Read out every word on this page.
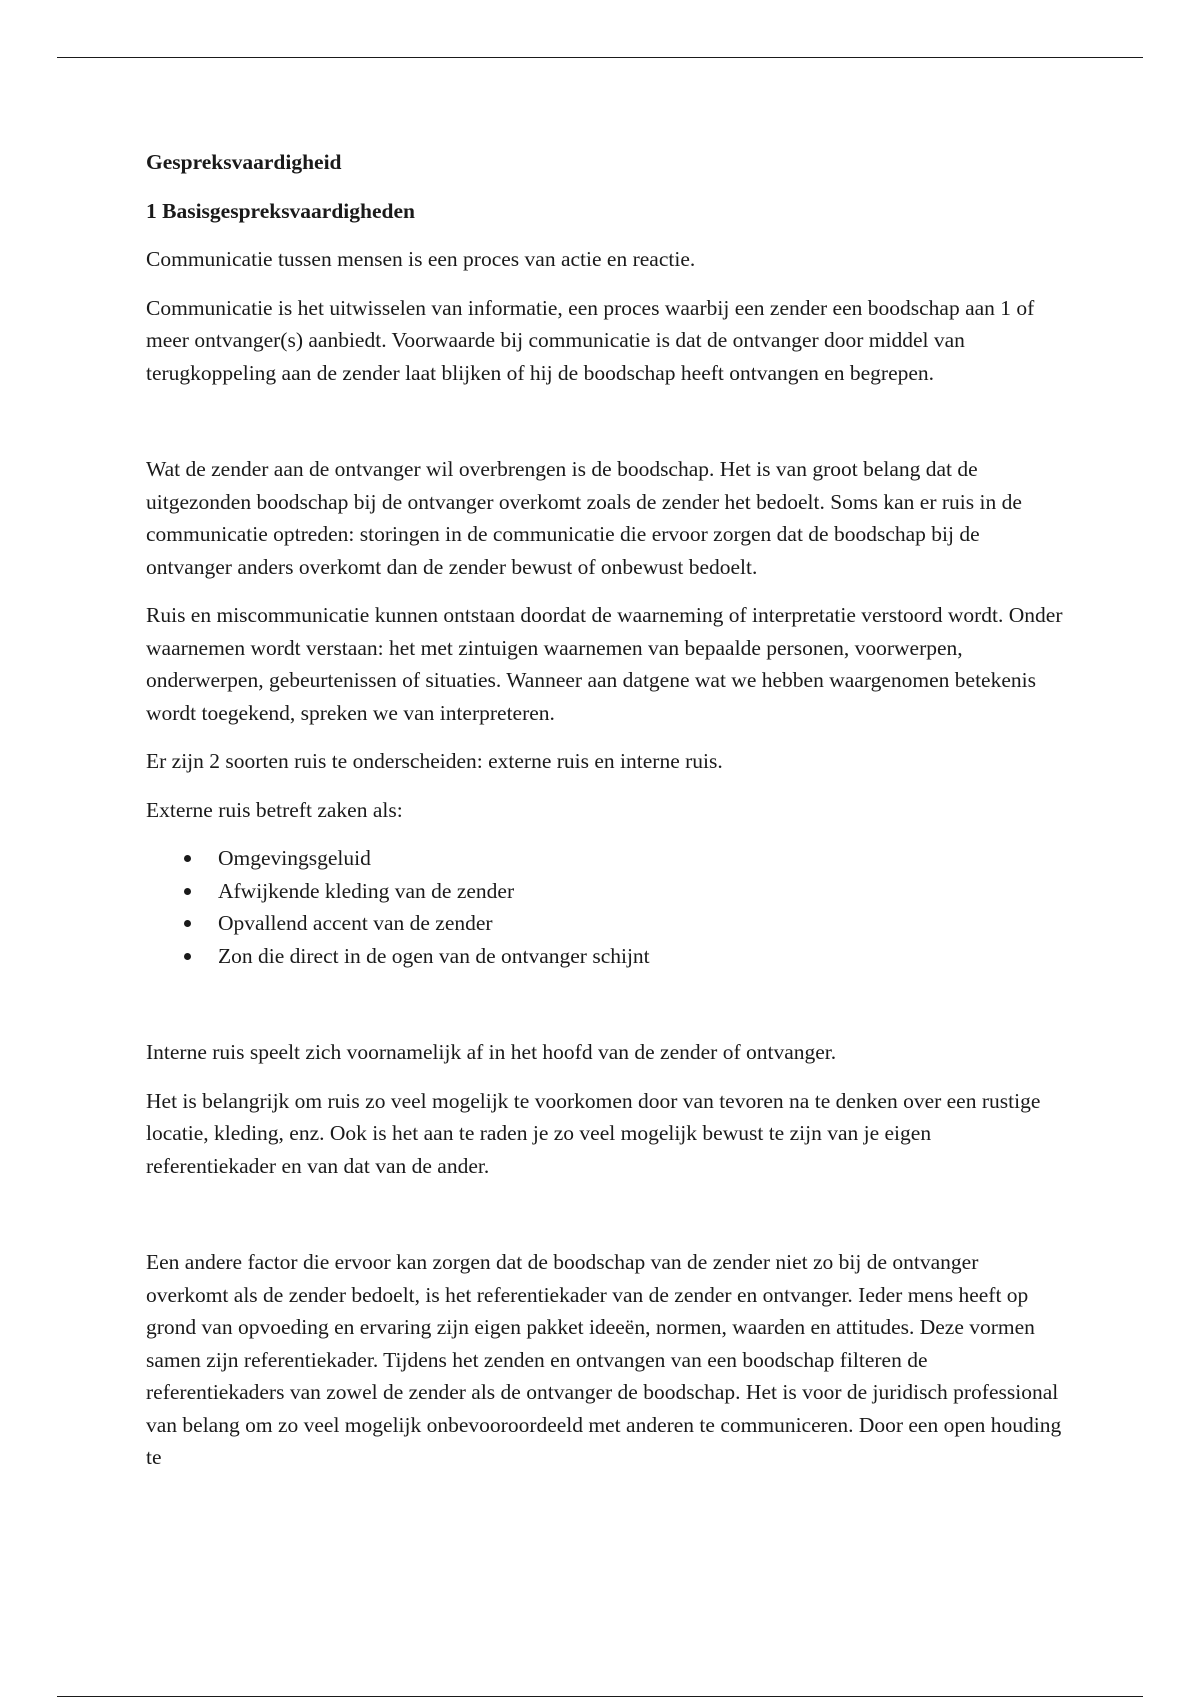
Gespreksvaardigheid
1 Basisgespreksvaardigheden

Communicatie tussen mensen is een proces van actie en reactie.

Communicatie is het uitwisselen van informatie, een proces waarbij een zender een boodschap aan 1 of meer ontvanger(s) aanbiedt. Voorwaarde bij communicatie is dat de ontvanger door middel van terugkoppeling aan de zender laat blijken of hij de boodschap heeft ontvangen en begrepen.

Wat de zender aan de ontvanger wil overbrengen is de boodschap. Het is van groot belang dat de uitgezonden boodschap bij de ontvanger overkomt zoals de zender het bedoelt. Soms kan er ruis in de communicatie optreden: storingen in de communicatie die ervoor zorgen dat de boodschap bij de ontvanger anders overkomt dan de zender bewust of onbewust bedoelt.

Ruis en miscommunicatie kunnen ontstaan doordat de waarneming of interpretatie verstoord wordt. Onder waarnemen wordt verstaan: het met zintuigen waarnemen van bepaalde personen, voorwerpen, onderwerpen, gebeurtenissen of situaties. Wanneer aan datgene wat we hebben waargenomen betekenis wordt toegekend, spreken we van interpreteren.

Er zijn 2 soorten ruis te onderscheiden: externe ruis en interne ruis.

Externe ruis betreft zaken als:

Omgevingsgeluid
Afwijkende kleding van de zender
Opvallend accent van de zender
Zon die direct in de ogen van de ontvanger schijnt

Interne ruis speelt zich voornamelijk af in het hoofd van de zender of ontvanger.

Het is belangrijk om ruis zo veel mogelijk te voorkomen door van tevoren na te denken over een rustige locatie, kleding, enz. Ook is het aan te raden je zo veel mogelijk bewust te zijn van je eigen referentiekader en van dat van de ander.

Een andere factor die ervoor kan zorgen dat de boodschap van de zender niet zo bij de ontvanger overkomt als de zender bedoelt, is het referentiekader van de zender en ontvanger. Ieder mens heeft op grond van opvoeding en ervaring zijn eigen pakket ideeën, normen, waarden en attitudes. Deze vormen samen zijn referentiekader. Tijdens het zenden en ontvangen van een boodschap filteren de referentiekaders van zowel de zender als de ontvanger de boodschap. Het is voor de juridisch professional van belang om zo veel mogelijk onbevooroordeeld met anderen te communiceren. Door een open houding te
